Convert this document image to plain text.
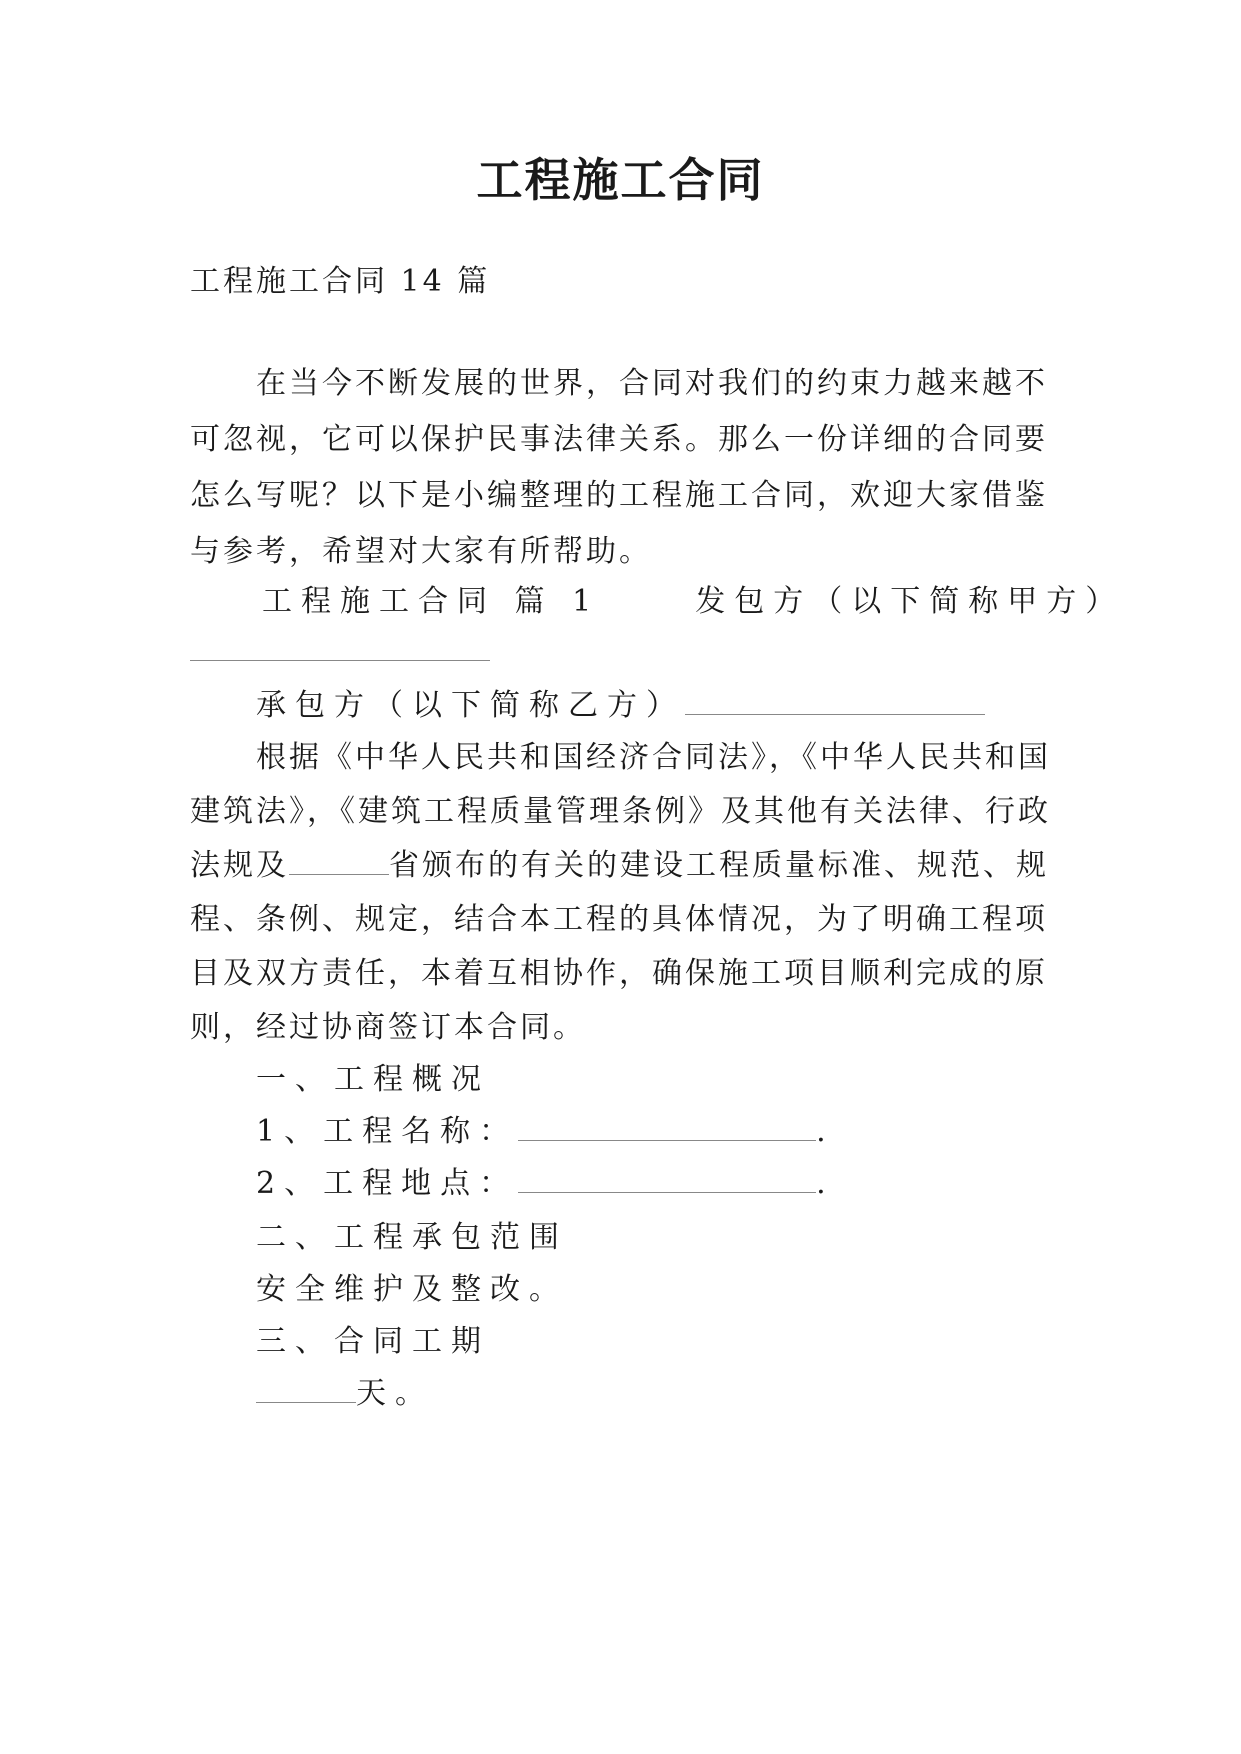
工程施工合同
工程施工合同 14 篇
在当今不断发展的世界，合同对我们的约束力越来越不
可忽视，它可以保护民事法律关系。那么一份详细的合同要
怎么写呢？以下是小编整理的工程施工合同，欢迎大家借鉴
与参考，希望对大家有所帮助。
工程施工合同 篇 1	发包方（以下简称甲方）
承包方（以下简称乙方）
根据《中华人民共和国经济合同法》，《中华人民共和国
建筑法》，《建筑工程质量管理条例》及其他有关法律、行政
法规及	省颁布的有关的建设工程质量标准、规范、规
程、条例、规定，结合本工程的具体情况，为了明确工程项
目及双方责任，本着互相协作，确保施工项目顺利完成的原
则，经过协商签订本合同。
一、工程概况
1、工程名称：	.
2、工程地点：	.
二、工程承包范围
安全维护及整改。
三、合同工期
天。
